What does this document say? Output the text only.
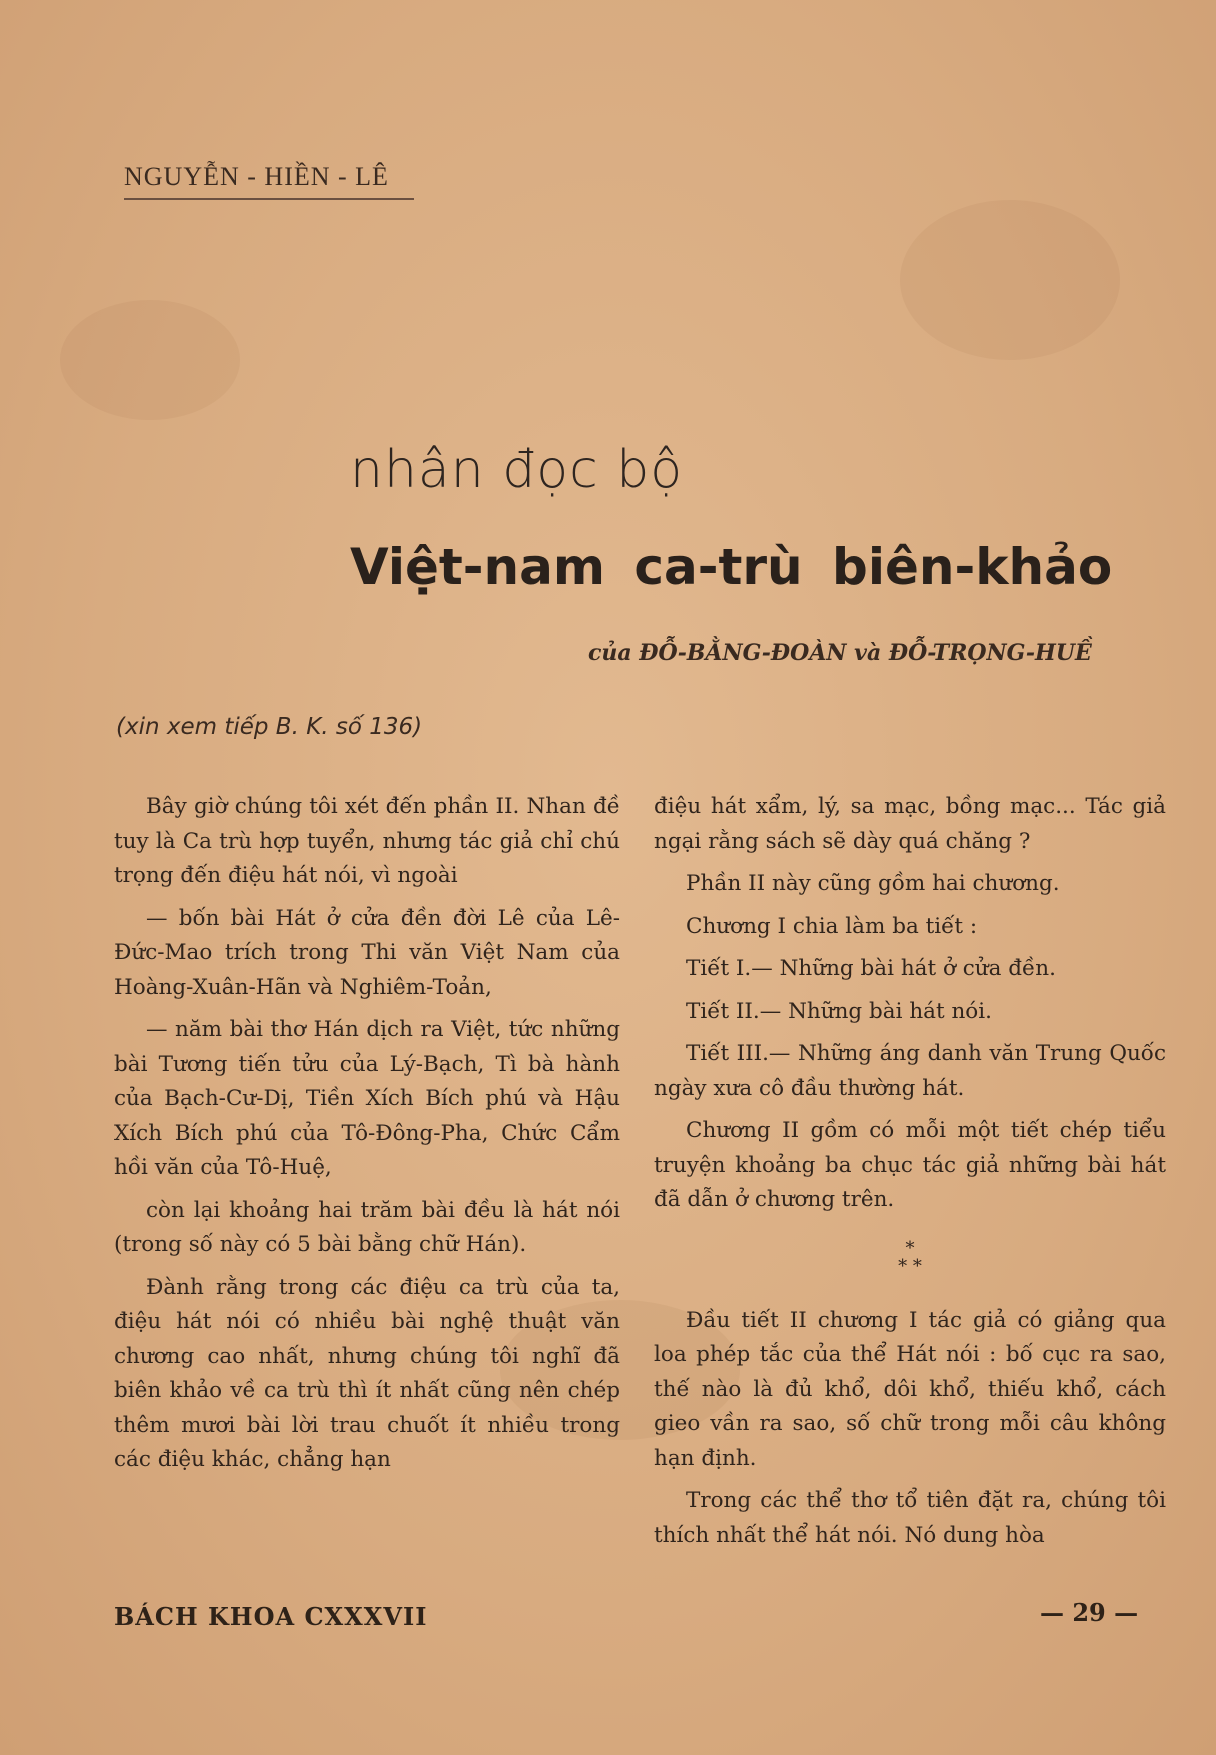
NGUYỄN - HIỀN - LÊ
nhân đọc bộ
Việt-nam ca-trù biên-khảo
của ĐỖ-BẰNG-ĐOÀN và ĐỖ-TRỌNG-HUỀ
(xin xem tiếp B. K. số 136)

Bây giờ chúng tôi xét đến phần II. Nhan đề tuy là Ca trù hợp tuyển, nhưng tác giả chỉ chú trọng đến điệu hát nói, vì ngoài

— bốn bài Hát ở cửa đền đời Lê của Lê-Đức-Mao trích trong Thi văn Việt Nam của Hoàng-Xuân-Hãn và Nghiêm-Toản,

— năm bài thơ Hán dịch ra Việt, tức những bài Tương tiến tửu của Lý-Bạch, Tì bà hành của Bạch-Cư-Dị, Tiền Xích Bích phú và Hậu Xích Bích phú của Tô-Đông-Pha, Chức Cẩm hồi văn của Tô-Huệ,

còn lại khoảng hai trăm bài đều là hát nói (trong số này có 5 bài bằng chữ Hán).

Đành rằng trong các điệu ca trù của ta, điệu hát nói có nhiều bài nghệ thuật văn chương cao nhất, nhưng chúng tôi nghĩ đã biên khảo về ca trù thì ít nhất cũng nên chép thêm mươi bài lời trau chuốt ít nhiều trong các điệu khác, chẳng hạn

điệu hát xẩm, lý, sa mạc, bồng mạc... Tác giả ngại rằng sách sẽ dày quá chăng ?

Phần II này cũng gồm hai chương.

Chương I chia làm ba tiết :

Tiết I.— Những bài hát ở cửa đền.

Tiết II.— Những bài hát nói.

Tiết III.— Những áng danh văn Trung Quốc ngày xưa cô đầu thường hát.

Chương II gồm có mỗi một tiết chép tiểu truyện khoảng ba chục tác giả những bài hát đã dẫn ở chương trên.

*
* *

Đầu tiết II chương I tác giả có giảng qua loa phép tắc của thể Hát nói : bố cục ra sao, thế nào là đủ khổ, dôi khổ, thiếu khổ, cách gieo vần ra sao, số chữ trong mỗi câu không hạn định.

Trong các thể thơ tổ tiên đặt ra, chúng tôi thích nhất thể hát nói. Nó dung hòa

BÁCH KHOA CXXXVII	— 29 —
